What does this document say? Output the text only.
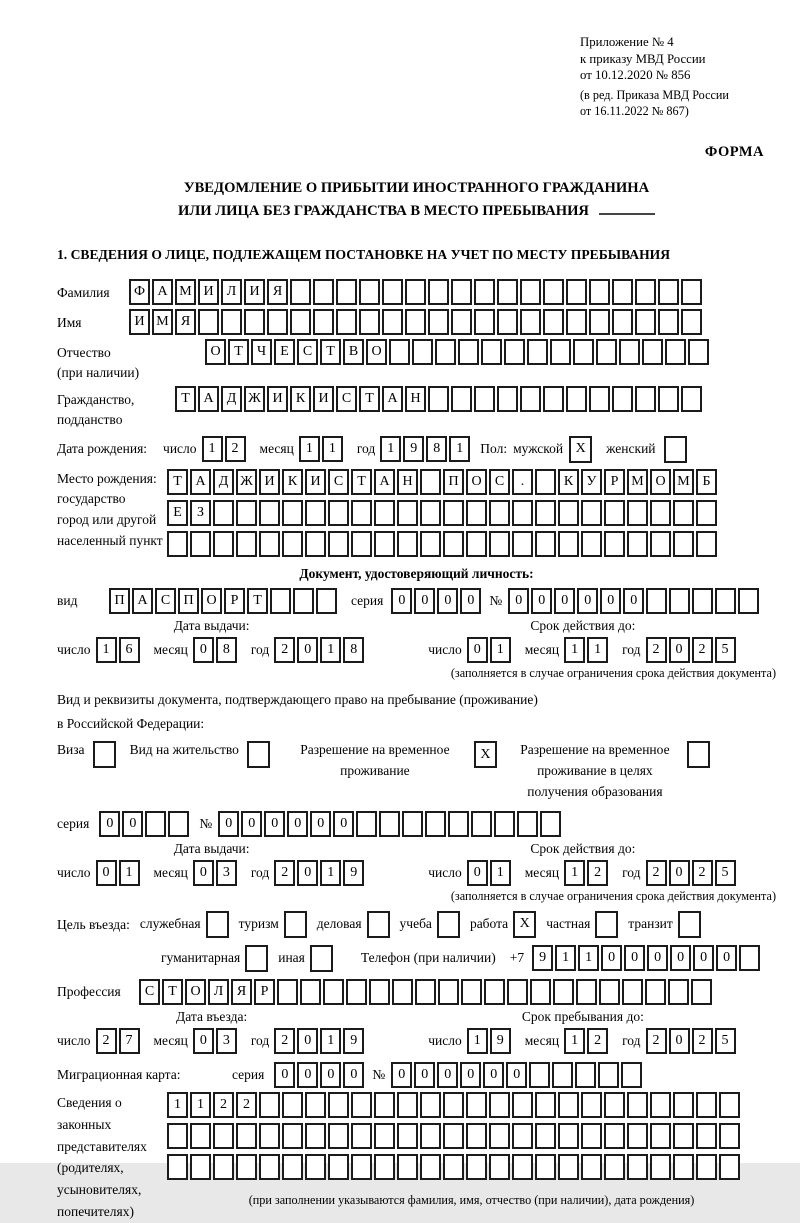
Приложение № 4
к приказу МВД России
от 10.12.2020 № 856
(в ред. Приказа МВД России
от 16.11.2022 № 867)
ФОРМА
УВЕДОМЛЕНИЕ О ПРИБЫТИИ ИНОСТРАННОГО ГРАЖДАНИНА
ИЛИ ЛИЦА БЕЗ ГРАЖДАНСТВА В МЕСТО ПРЕБЫВАНИЯ
1. СВЕДЕНИЯ О ЛИЦЕ, ПОДЛЕЖАЩЕМ ПОСТАНОВКЕ НА УЧЕТ ПО МЕСТУ ПРЕБЫВАНИЯ
Фамилия	Ф А М И Л И Я
Имя	И М Я
Отчество
(при наличии)
О Т	Ч	Е	С	Т	В О
Гражданство,
подданство
Т А Д Ж И К И С	Т А Н
Дата рождения: число 1	2	месяц 1	1	год 1	9	8	1	Пол: мужской X	женский
Место рождения:
государство
город или другой
населенный пункт
Т А Д Ж И К И С	Т А Н	П О С	.	К У	Р М О М Б

Е	З

Документ, удостоверяющий личность:
вид	П А С П О	Р	Т	серия	0	0	0	0	№ 0	0	0	0	0	0
Дата выдачи:
число 1	6	месяц 0	8	год 2	0	1	8
Срок действия до:
число 0	1	месяц 1	1	год 2	0	2	5
(заполняется в случае ограничения срока действия документа)
Вид и реквизиты документа, подтверждающего право на пребывание (проживание)
в Российской Федерации:
Виза	Вид на жительство	Разрешение на временное проживание
X	Разрешение на временное проживание в целях получения образования
серия	0	0	№ 0	0	0	0	0	0
Дата выдачи:
число 0	1	месяц 0	3	год 2	0	1	9
Срок действия до:
число 0	1	месяц 1	2	год 2	0	2	5
(заполняется в случае ограничения срока действия документа)
Цель въезда: служебная	туризм	деловая	учеба	работа X	частная	транзит
гуманитарная	иная	Телефон (при наличии) +7	9	1	1	0	0	0	0	0	0
Профессия	С	Т О Л Я	Р
Дата въезда:
число 2	7	месяц 0	3	год 2	0	1	9
Срок пребывания до:
число 1	9	месяц 1	2	год 2	0	2	5
Миграционная карта:	серия	0	0	0	0	№ 0	0	0	0	0	0
Сведения о
законных
представителях
(родителях,
усыновителях,
попечителях)
1	1	2	2

(при заполнении указываются фамилия, имя, отчество (при наличии), дата рождения)
